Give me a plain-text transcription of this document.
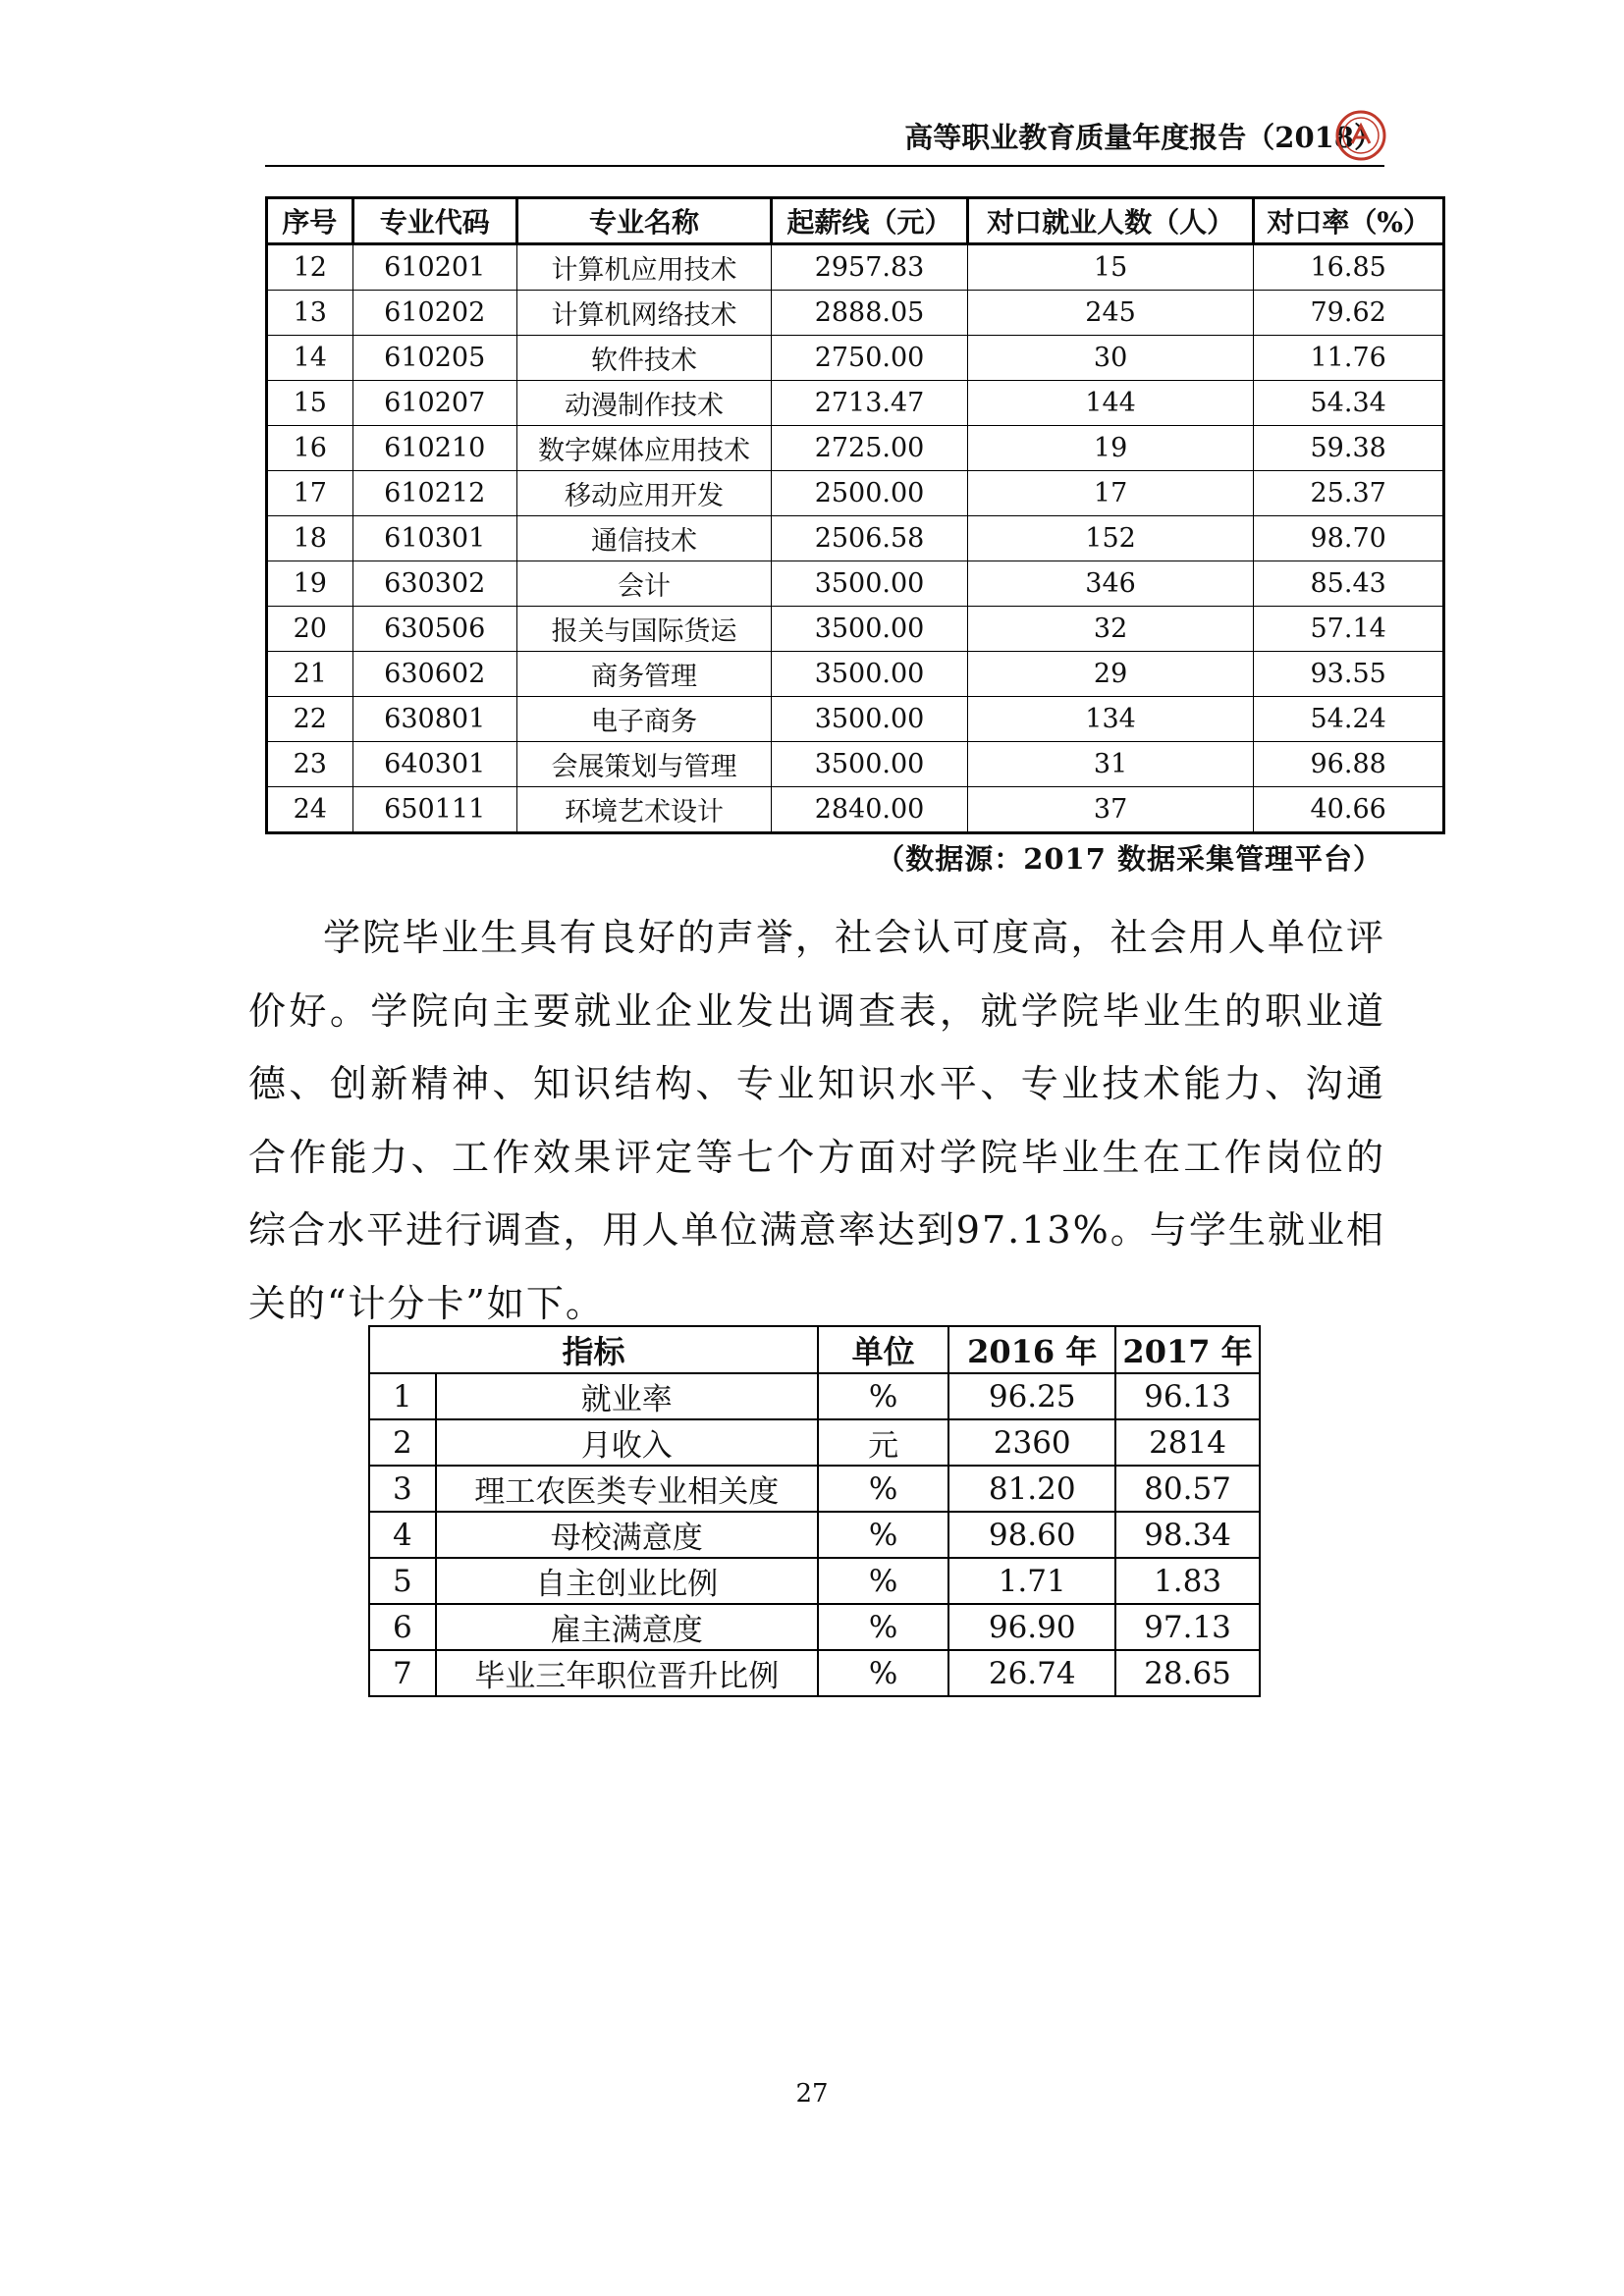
高等职业教育质量年度报告（2018）
序号	专业代码	专业名称	起薪线（元）	对口就业人数（人）	对口率（%）
12	610201	计算机应用技术	2957.83	15	16.85
13	610202	计算机网络技术	2888.05	245	79.62
14	610205	软件技术	2750.00	30	11.76
15	610207	动漫制作技术	2713.47	144	54.34
16	610210	数字媒体应用技术	2725.00	19	59.38
17	610212	移动应用开发	2500.00	17	25.37
18	610301	通信技术	2506.58	152	98.70
19	630302	会计	3500.00	346	85.43
20	630506	报关与国际货运	3500.00	32	57.14
21	630602	商务管理	3500.00	29	93.55
22	630801	电子商务	3500.00	134	54.24
23	640301	会展策划与管理	3500.00	31	96.88
24	650111	环境艺术设计	2840.00	37	40.66
（数据源：2017 数据采集管理平台）

学院毕业生具有良好的声誉，社会认可度高，社会用人单位评价好。学院向主要就业企业发出调查表，就学院毕业生的职业道德、创新精神、知识结构、专业知识水平、专业技术能力、沟通合作能力、工作效果评定等七个方面对学院毕业生在工作岗位的综合水平进行调查，用人单位满意率达到97.13%。与学生就业相关的“计分卡”如下。

指标		单位	2016 年	2017 年
1	就业率	%	96.25	96.13
2	月收入	元	2360	2814
3	理工农医类专业相关度	%	81.20	80.57
4	母校满意度	%	98.60	98.34
5	自主创业比例	%	1.71	1.83
6	雇主满意度	%	96.90	97.13
7	毕业三年职位晋升比例	%	26.74	28.65
27
